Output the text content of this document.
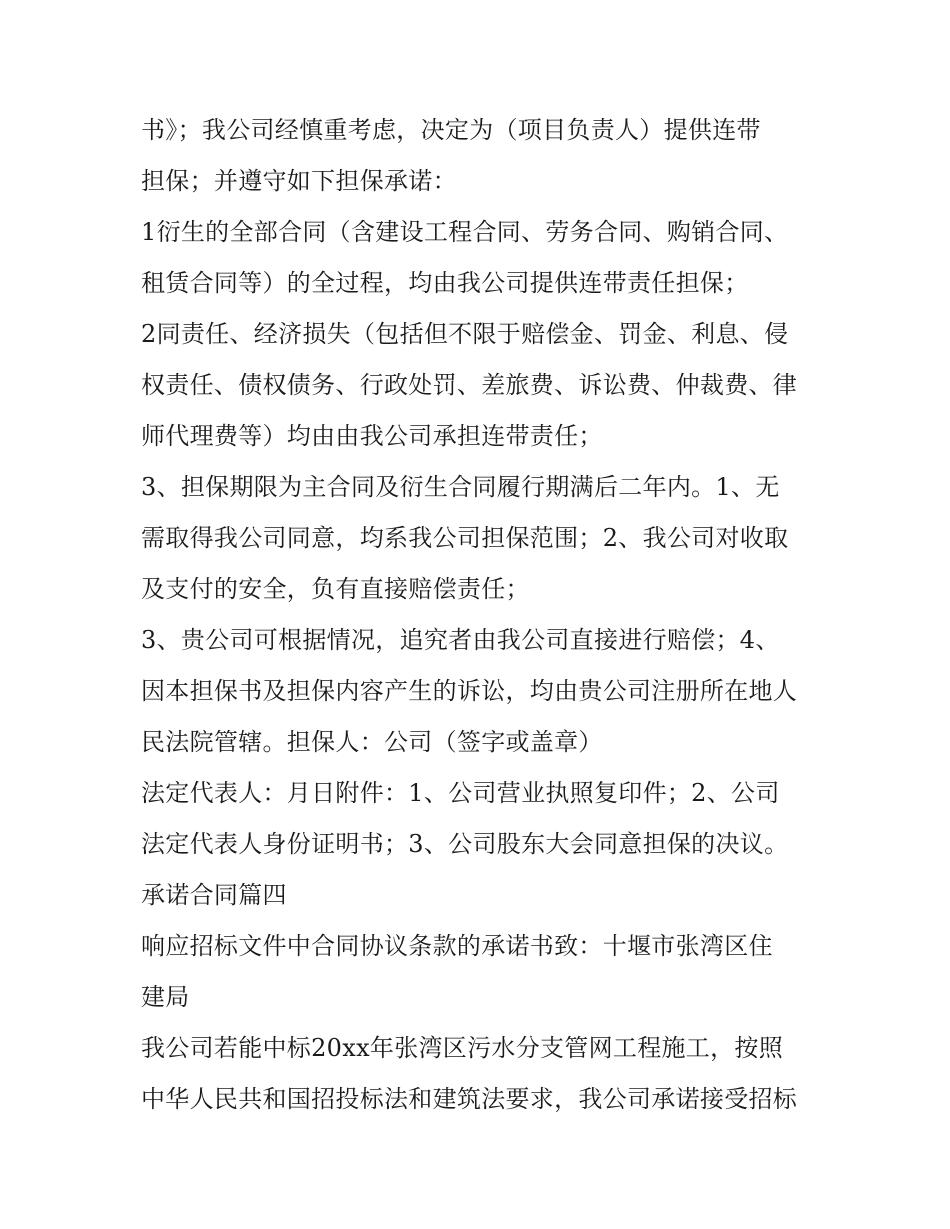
书》；我公司经慎重考虑，决定为（项目负责人）提供连带

担保；并遵守如下担保承诺：

1衍生的全部合同（含建设工程合同、劳务合同、购销合同、

租赁合同等）的全过程，均由我公司提供连带责任担保；

2同责任、经济损失（包括但不限于赔偿金、罚金、利息、侵

权责任、债权债务、行政处罚、差旅费、诉讼费、仲裁费、律

师代理费等）均由由我公司承担连带责任；

3、担保期限为主合同及衍生合同履行期满后二年内。1、无

需取得我公司同意，均系我公司担保范围；2、我公司对收取

及支付的安全，负有直接赔偿责任；

3、贵公司可根据情况，追究者由我公司直接进行赔偿；4、

因本担保书及担保内容产生的诉讼，均由贵公司注册所在地人

民法院管辖。担保人：公司（签字或盖章）

法定代表人：月日附件：1、公司营业执照复印件；2、公司

法定代表人身份证明书；3、公司股东大会同意担保的决议。

承诺合同篇四

响应招标文件中合同协议条款的承诺书致：十堰市张湾区住

建局

我公司若能中标20xx年张湾区污水分支管网工程施工，按照

中华人民共和国招投标法和建筑法要求，我公司承诺接受招标
